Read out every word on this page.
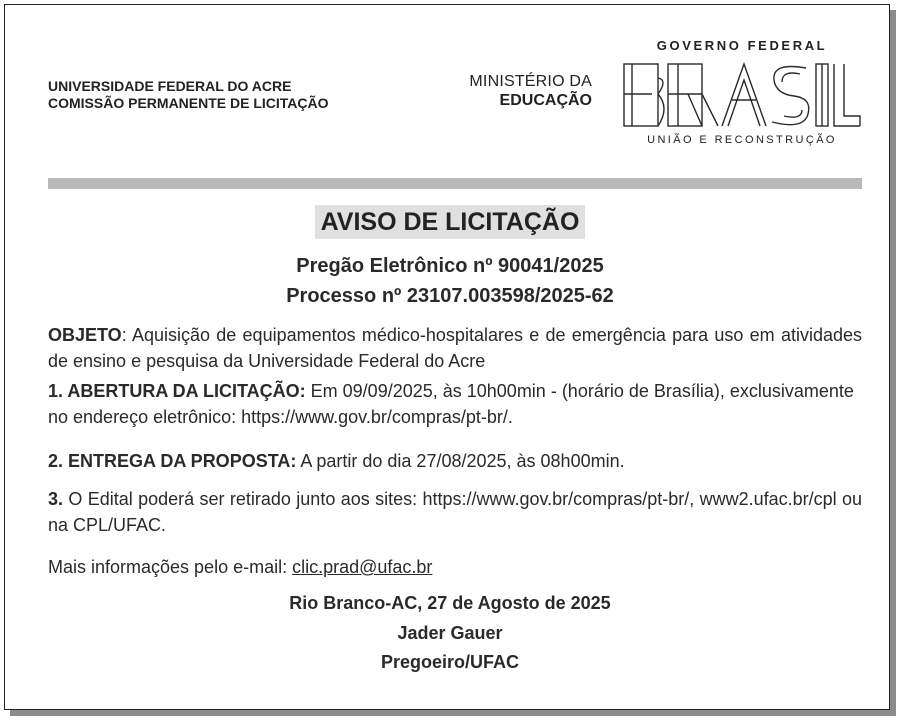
UNIVERSIDADE FEDERAL DO ACRE
COMISSÃO PERMANENTE DE LICITAÇÃO
MINISTÉRIO DA
EDUCAÇÃO
GOVERNO FEDERAL
UNIÃO E RECONSTRUÇÃO
AVISO DE LICITAÇÃO
Pregão Eletrônico nº 90041/2025
Processo nº 23107.003598/2025-62
OBJETO: Aquisição de equipamentos médico-hospitalares e de emergência para uso em atividades de ensino e pesquisa da Universidade Federal do Acre
1. ABERTURA DA LICITAÇÃO: Em 09/09/2025, às 10h00min - (horário de Brasília), exclusivamente no endereço eletrônico: https://www.gov.br/compras/pt-br/.
2. ENTREGA DA PROPOSTA: A partir do dia 27/08/2025, às 08h00min.
3. O Edital poderá ser retirado junto aos sites: https://www.gov.br/compras/pt-br/, www2.ufac.br/cpl ou na CPL/UFAC.
Mais informações pelo e-mail: clic.prad@ufac.br
Rio Branco-AC, 27 de Agosto de 2025
Jader Gauer
Pregoeiro/UFAC
